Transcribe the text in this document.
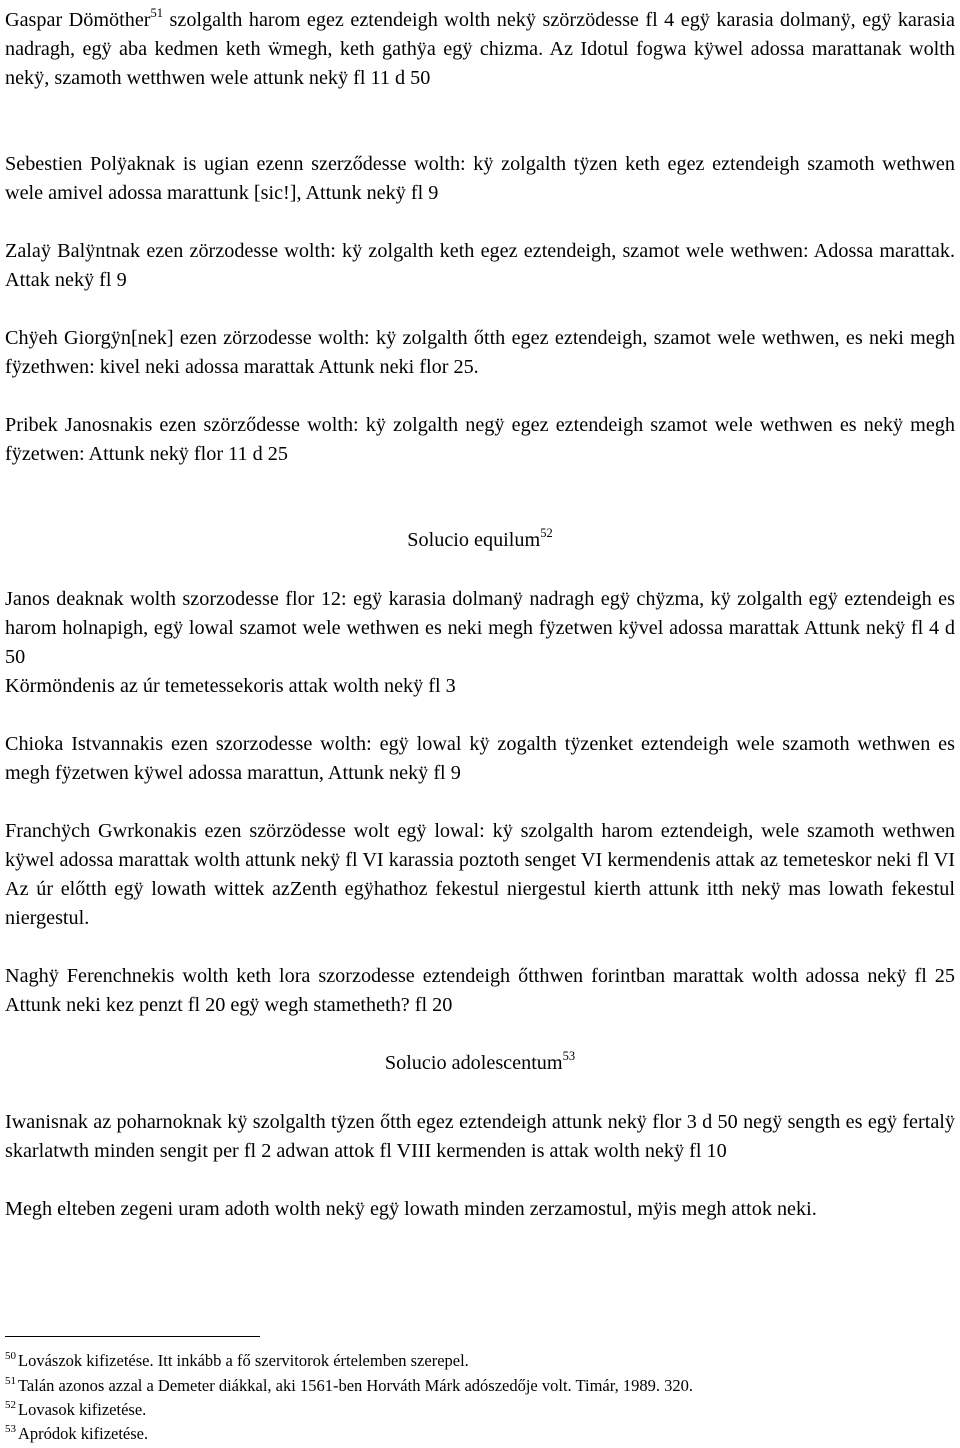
Gaspar Dömöther$^{51}$ szolgalth harom egez eztendeigh wolth nekÿ szörzödesse fl 4 egÿ karasia dolmanÿ, egÿ karasia nadragh, egÿ aba kedmen keth ẅmegh, keth gathÿa egÿ chizma. Az Idotul fogwa kÿwel adossa marattanak wolth nekÿ, szamoth wetthwen wele attunk nekÿ fl 11 d 50

Sebestien Polÿaknak is ugian ezenn szerződesse wolth: kÿ zolgalth tÿzen keth egez eztendeigh szamoth wethwen wele amivel adossa marattunk [sic!], Attunk nekÿ fl 9

Zalaÿ Balÿntnak ezen zörzodesse wolth: kÿ zolgalth keth egez eztendeigh, szamot wele wethwen: Adossa marattak. Attak nekÿ fl 9

Chÿeh Giorgÿn[nek] ezen zörzodesse wolth: kÿ zolgalth őtth egez eztendeigh, szamot wele wethwen, es neki megh fÿzethwen: kivel neki adossa marattak Attunk neki flor 25.

Pribek Janosnakis ezen szörződesse wolth: kÿ zolgalth negÿ egez eztendeigh szamot wele wethwen es nekÿ megh fÿzetwen: Attunk nekÿ flor 11 d 25

Solucio equilum$^{52}$

Janos deaknak wolth szorzodesse flor 12: egÿ karasia dolmanÿ nadragh egÿ chÿzma, kÿ zolgalth egÿ eztendeigh es harom holnapigh, egÿ lowal szamot wele wethwen es neki megh fÿzetwen kÿvel adossa marattak Attunk nekÿ fl 4 d 50

Körmöndenis az úr temetessekoris attak wolth nekÿ fl 3

Chioka Istvannakis ezen szorzodesse wolth: egÿ lowal kÿ zogalth tÿzenket eztendeigh wele szamoth wethwen es megh fÿzetwen kÿwel adossa marattun, Attunk nekÿ fl 9

Franchÿch Gwrkonakis ezen szörzödesse wolt egÿ lowal: kÿ szolgalth harom eztendeigh, wele szamoth wethwen kÿwel adossa marattak wolth attunk nekÿ fl VI karassia poztoth senget VI kermendenis attak az temeteskor neki fl VI Az úr előtth egÿ lowath wittek azZenth egÿhathoz fekestul niergestul kierth attunk itth nekÿ mas lowath fekestul niergestul.

Naghÿ Ferenchnekis wolth keth lora szorzodesse eztendeigh őtthwen forintban marattak wolth adossa nekÿ fl 25 Attunk neki kez penzt fl 20 egÿ wegh stametheth? fl 20

Solucio adolescentum$^{53}$

Iwanisnak az poharnoknak kÿ szolgalth tÿzen őtth egez eztendeigh attunk nekÿ flor 3 d 50 negÿ sength es egÿ fertalÿ skarlatwth minden sengit per fl 2 adwan attok fl VIII kermenden is attak wolth nekÿ fl 10

Megh elteben zegeni uram adoth wolth nekÿ egÿ lowath minden zerzamostul, mÿis megh attok neki.

$^{50}$ Lovászok kifizetése. Itt inkább a fő szervitorok értelemben szerepel.

$^{51}$ Talán azonos azzal a Demeter diákkal, aki 1561-ben Horváth Márk adószedője volt. Timár, 1989. 320.

$^{52}$ Lovasok kifizetése.

$^{53}$ Apródok kifizetése.
